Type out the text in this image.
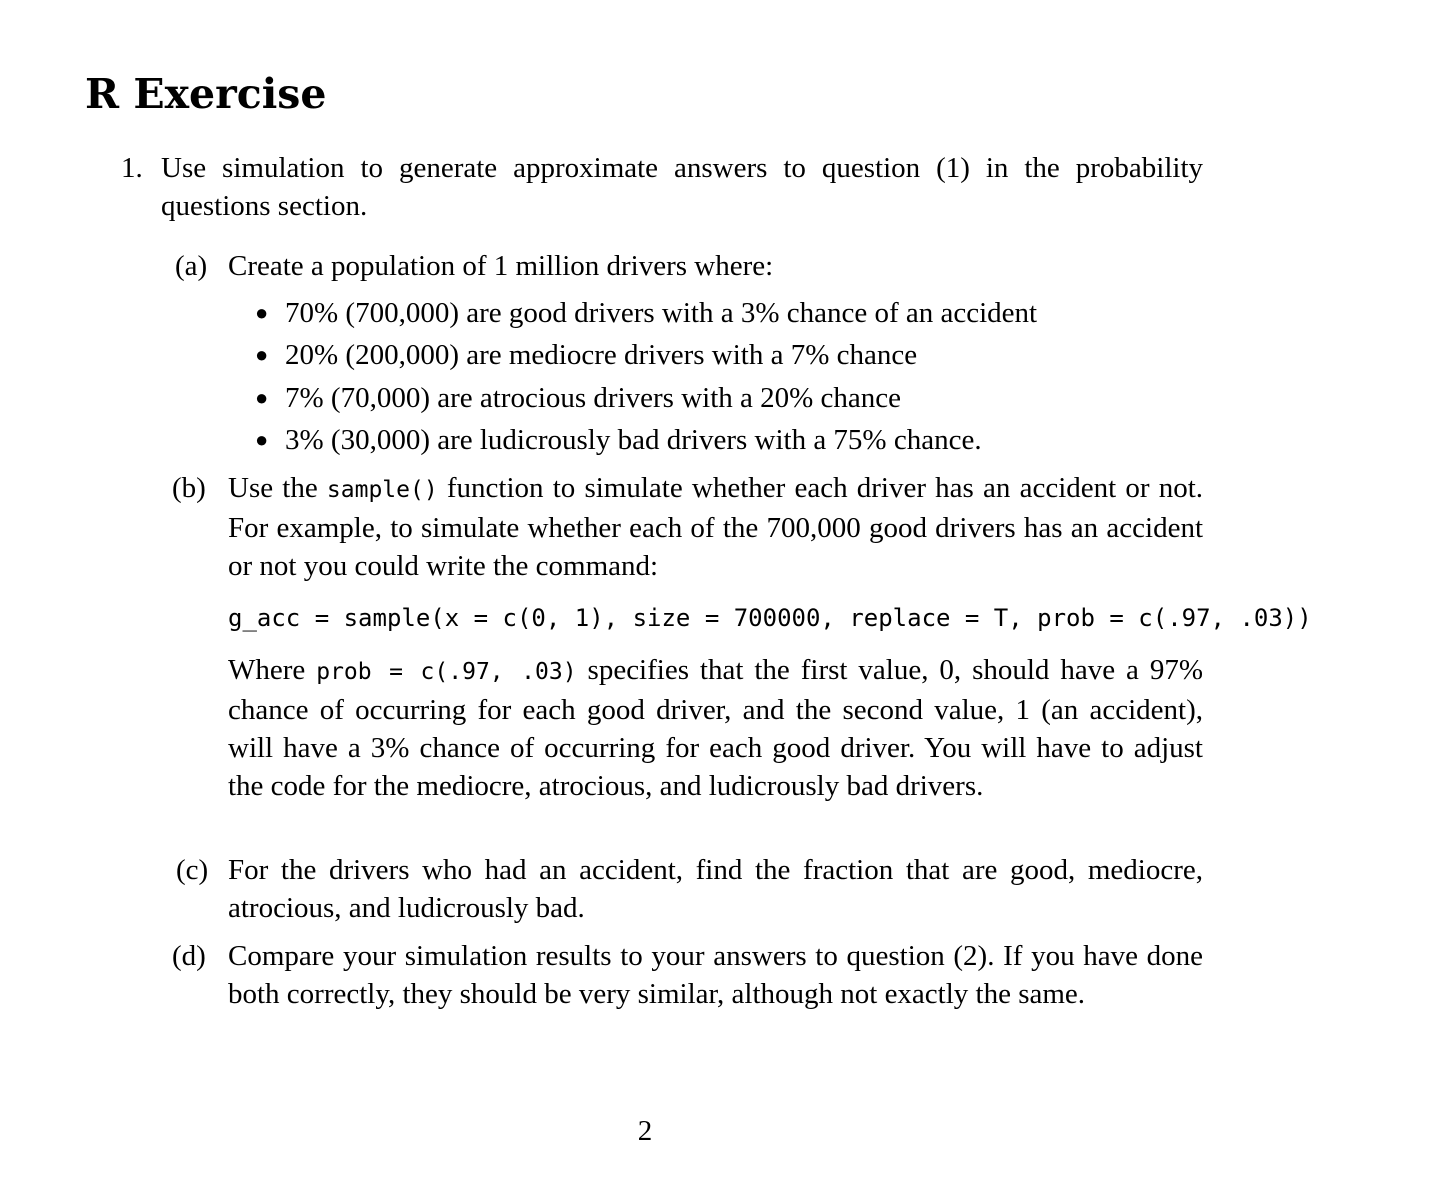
R Exercise

1. Use simulation to generate approximate answers to question (1) in the probability questions section.

(a) Create a population of 1 million drivers where:

● 70% (700,000) are good drivers with a 3% chance of an accident

● 20% (200,000) are mediocre drivers with a 7% chance

● 7% (70,000) are atrocious drivers with a 20% chance

● 3% (30,000) are ludicrously bad drivers with a 75% chance.

(b) Use the sample() function to simulate whether each driver has an accident or not. For example, to simulate whether each of the 700,000 good drivers has an accident or not you could write the command:

g_acc = sample(x = c(0, 1), size = 700000, replace = T, prob = c(.97, .03))

Where prob = c(.97, .03) specifies that the first value, 0, should have a 97% chance of occurring for each good driver, and the second value, 1 (an accident), will have a 3% chance of occurring for each good driver. You will have to adjust the code for the mediocre, atrocious, and ludicrously bad drivers.

(c) For the drivers who had an accident, find the fraction that are good, mediocre, atrocious, and ludicrously bad.

(d) Compare your simulation results to your answers to question (2). If you have done both correctly, they should be very similar, although not exactly the same.

2
